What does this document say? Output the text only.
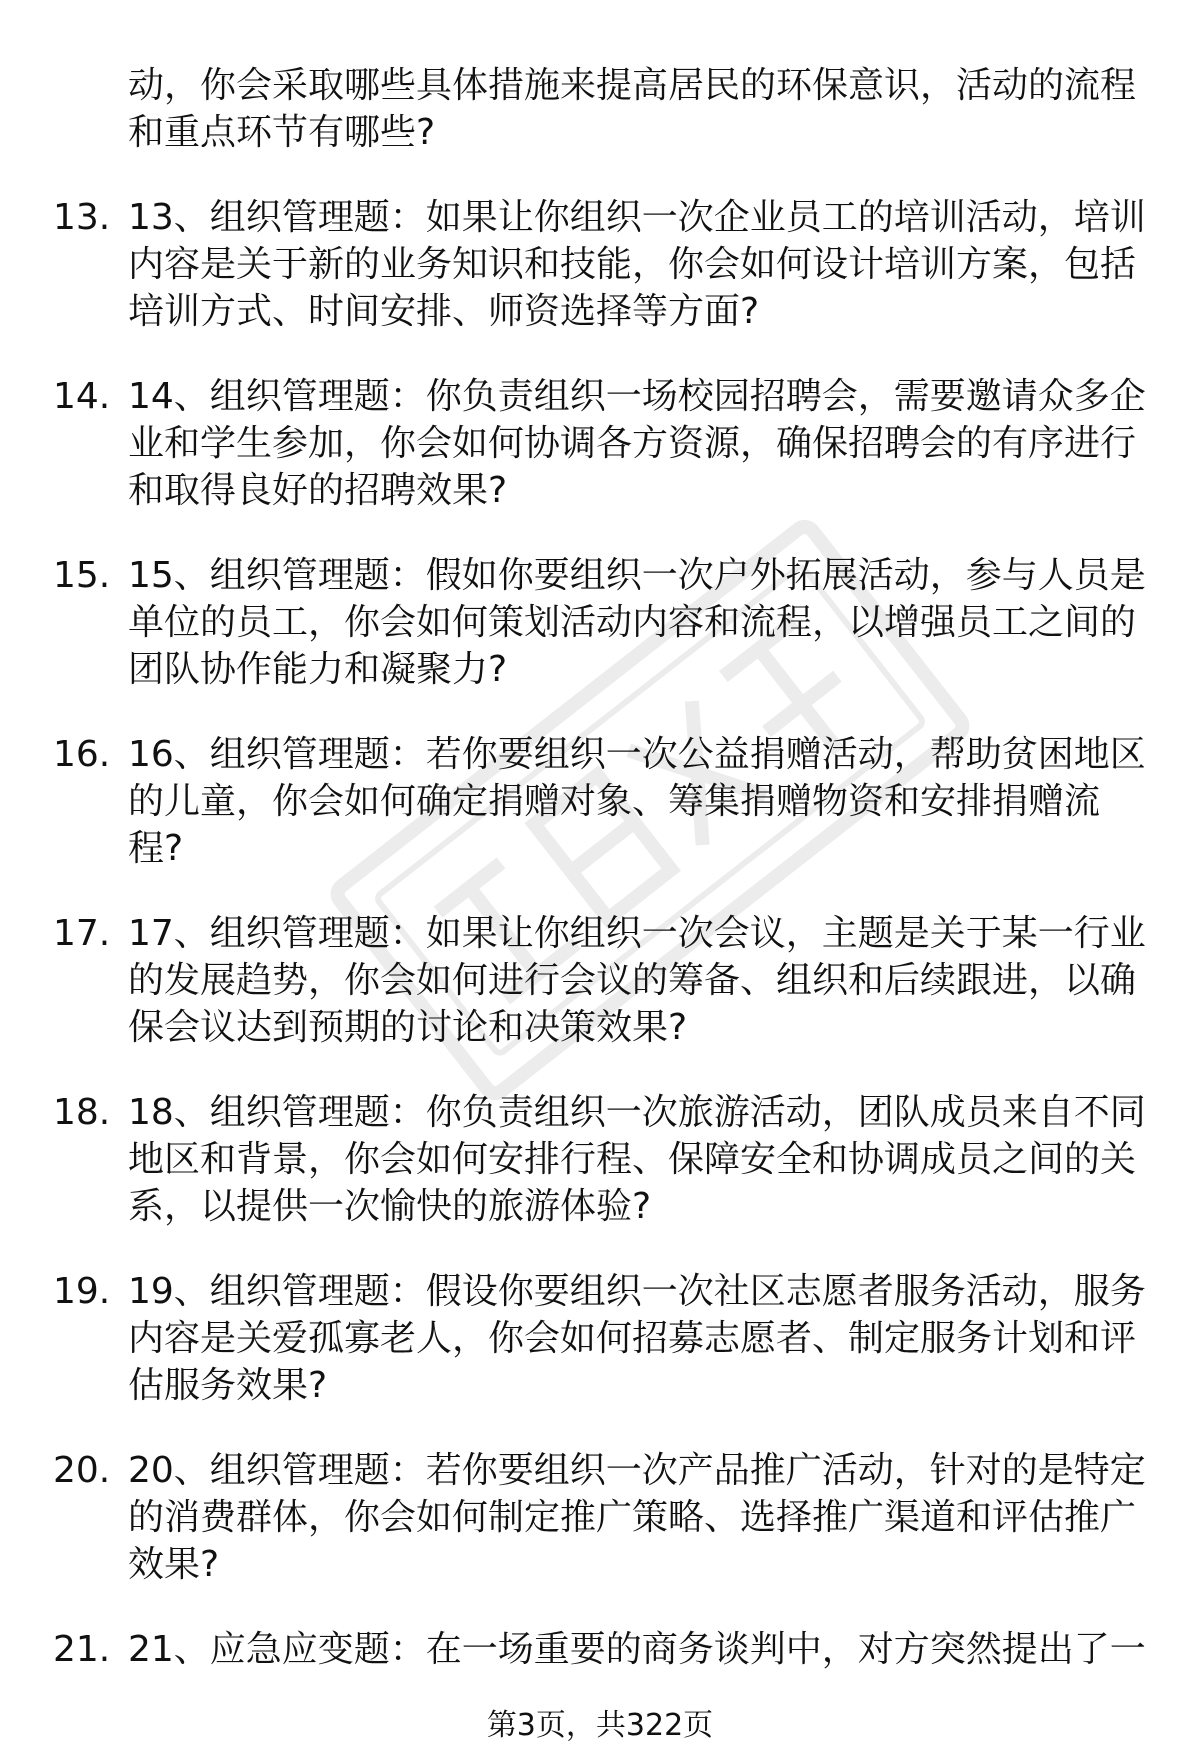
动，你会采取哪些具体措施来提高居民的环保意识，活动的流程和重点环节有哪些?
13. 13、组织管理题：如果让你组织一次企业员工的培训活动，培训内容是关于新的业务知识和技能，你会如何设计培训方案，包括培训方式、时间安排、师资选择等方面?
14. 14、组织管理题：你负责组织一场校园招聘会，需要邀请众多企业和学生参加，你会如何协调各方资源，确保招聘会的有序进行和取得良好的招聘效果?
15. 15、组织管理题：假如你要组织一次户外拓展活动，参与人员是单位的员工，你会如何策划活动内容和流程，以增强员工之间的团队协作能力和凝聚力?
16. 16、组织管理题：若你要组织一次公益捐赠活动，帮助贫困地区的儿童，你会如何确定捐赠对象、筹集捐赠物资和安排捐赠流程?
17. 17、组织管理题：如果让你组织一次会议，主题是关于某一行业的发展趋势，你会如何进行会议的筹备、组织和后续跟进，以确保会议达到预期的讨论和决策效果?
18. 18、组织管理题：你负责组织一次旅游活动，团队成员来自不同地区和背景，你会如何安排行程、保障安全和协调成员之间的关系，以提供一次愉快的旅游体验?
19. 19、组织管理题：假设你要组织一次社区志愿者服务活动，服务内容是关爱孤寡老人，你会如何招募志愿者、制定服务计划和评估服务效果?
20. 20、组织管理题：若你要组织一次产品推广活动，针对的是特定的消费群体，你会如何制定推广策略、选择推广渠道和评估推广效果?
21. 21、应急应变题：在一场重要的商务谈判中，对方突然提出了一
第3页，共322页
